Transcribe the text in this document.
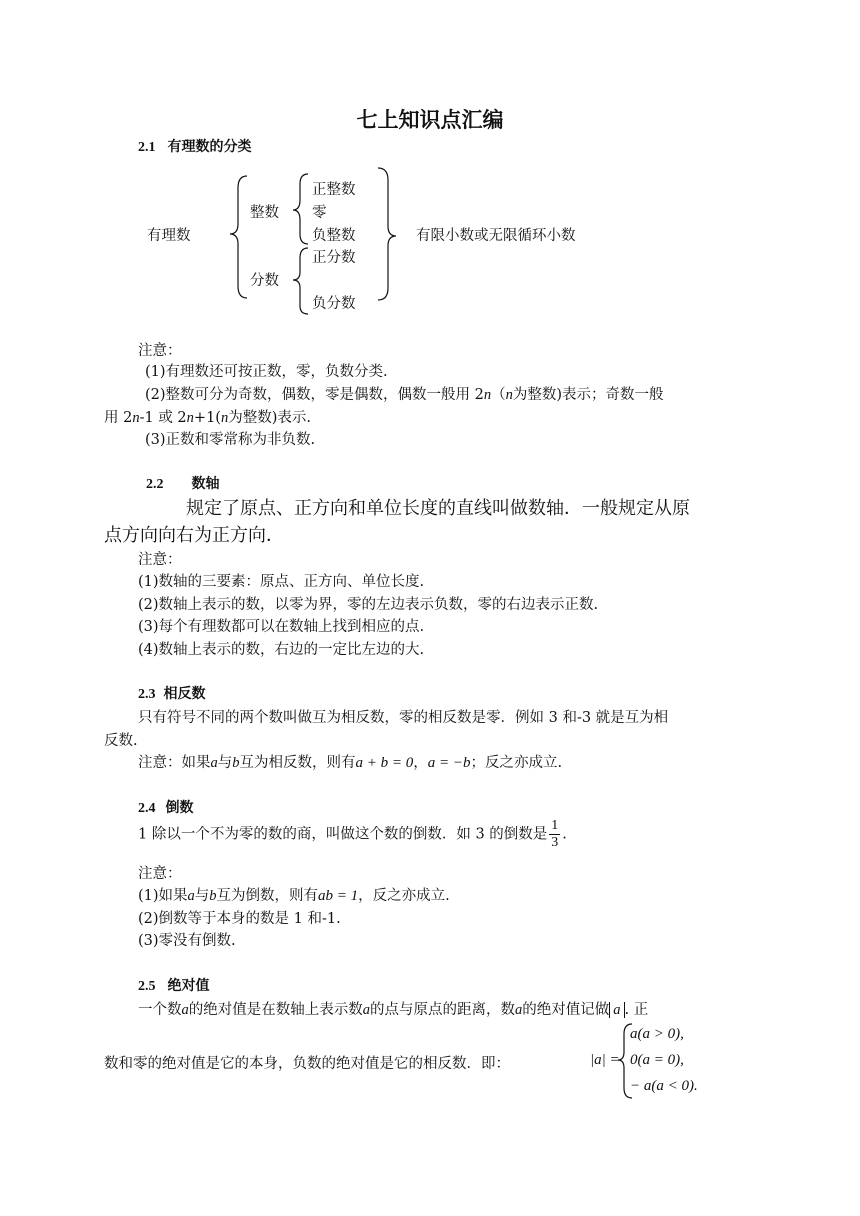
七上知识点汇编
2.1 有理数的分类
有理数
整数
分数
正整数
零
负整数
正分数
负分数
有限小数或无限循环小数
注意：
(1)有理数还可按正数，零，负数分类.
(2)整数可分为奇数，偶数，零是偶数，偶数一般用 2n（n为整数)表示；奇数一般
用 2n-1 或 2n+1(n为整数)表示.
(3)正数和零常称为非负数.
2.2 数轴
规定了原点、正方向和单位长度的直线叫做数轴．一般规定从原
点方向向右为正方向．
注意：
(1)数轴的三要素：原点、正方向、单位长度.
(2)数轴上表示的数，以零为界，零的左边表示负数，零的右边表示正数.
(3)每个有理数都可以在数轴上找到相应的点.
(4)数轴上表示的数，右边的一定比左边的大.
2.3 相反数
只有符号不同的两个数叫做互为相反数，零的相反数是零．例如 3 和-3 就是互为相
反数.
注意：如果a与b互为相反数，则有a + b = 0，a = −b；反之亦成立.
2.4 倒数
1 除以一个不为零的数的商，叫做这个数的倒数．如 3 的倒数是 $\frac{1}{3}$ .
注意：
(1)如果a与b互为倒数，则有ab = 1，反之亦成立.
(2)倒数等于本身的数是 1 和-1.
(3)零没有倒数.
2.5 绝对值
一个数a的绝对值是在数轴上表示数a的点与原点的距离，数a的绝对值记做 a . 正
数和零的绝对值是它的本身，负数的绝对值是它的相反数．即：	|a| =
a(a > 0),
0(a = 0),
− a(a < 0).
